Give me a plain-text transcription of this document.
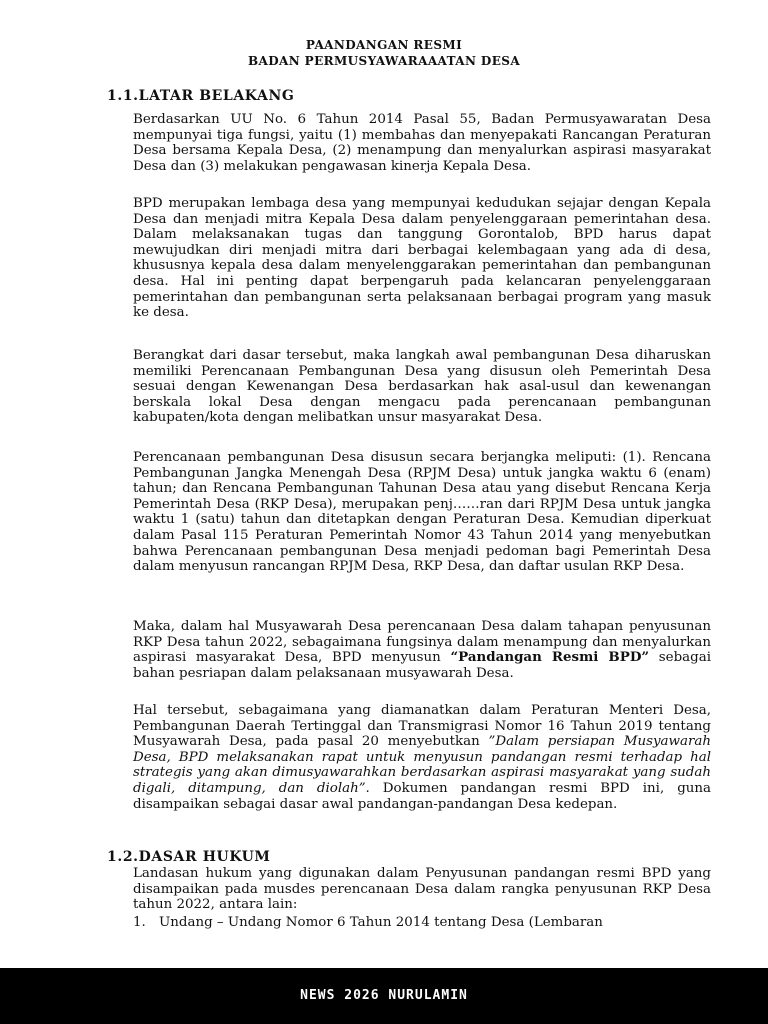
PAANDANGAN RESMI
BADAN PERMUSYAWARAAATAN DESA
1.1.LATAR BELAKANG

Berdasarkan UU No. 6 Tahun 2014 Pasal 55, Badan Permusyawaratan Desa mempunyai tiga fungsi, yaitu (1) membahas dan menyepakati Rancangan Peraturan Desa bersama Kepala Desa, (2) menampung dan menyalurkan aspirasi masyarakat Desa dan (3) melakukan pengawasan kinerja Kepala Desa.

BPD merupakan lembaga desa yang mempunyai kedudukan sejajar dengan Kepala Desa dan menjadi mitra Kepala Desa dalam penyelenggaraan pemerintahan desa. Dalam melaksanakan tugas dan tanggung Gorontalob, BPD harus dapat mewujudkan diri menjadi mitra dari berbagai kelembagaan yang ada di desa, khususnya kepala desa dalam menyelenggarakan pemerintahan dan pembangunan desa. Hal ini penting dapat berpengaruh pada kelancaran penyelenggaraan pemerintahan dan pembangunan serta pelaksanaan berbagai program yang masuk ke desa.

Berangkat dari dasar tersebut, maka langkah awal pembangunan Desa diharuskan memiliki Perencanaan Pembangunan Desa yang disusun oleh Pemerintah Desa sesuai dengan Kewenangan Desa berdasarkan hak asal-usul dan kewenangan berskala lokal Desa dengan mengacu pada perencanaan pembangunan kabupaten/kota dengan melibatkan unsur masyarakat Desa.

Perencanaan pembangunan Desa disusun secara berjangka meliputi: (1). Rencana Pembangunan Jangka Menengah Desa (RPJM Desa) untuk jangka waktu 6 (enam) tahun; dan Rencana Pembangunan Tahunan Desa atau yang disebut Rencana Kerja Pemerintah Desa (RKP Desa), merupakan penj……ran dari RPJM Desa untuk jangka waktu 1 (satu) tahun dan ditetapkan dengan Peraturan Desa. Kemudian diperkuat dalam Pasal 115 Peraturan Pemerintah Nomor 43 Tahun 2014 yang menyebutkan bahwa Perencanaan pembangunan Desa menjadi pedoman bagi Pemerintah Desa dalam menyusun rancangan RPJM Desa, RKP Desa, dan daftar usulan RKP Desa.

Maka, dalam hal Musyawarah Desa perencanaan Desa dalam tahapan penyusunan RKP Desa tahun 2022, sebagaimana fungsinya dalam menampung dan menyalurkan aspirasi masyarakat Desa, BPD menyusun “Pandangan Resmi BPD” sebagai bahan pesriapan dalam pelaksanaan musyawarah Desa.

Hal tersebut, sebagaimana yang diamanatkan dalam Peraturan Menteri Desa, Pembangunan Daerah Tertinggal dan Transmigrasi Nomor 16 Tahun 2019 tentang Musyawarah Desa, pada pasal 20 menyebutkan ”Dalam persiapan Musyawarah Desa, BPD melaksanakan rapat untuk menyusun pandangan resmi terhadap hal strategis yang akan dimusyawarahkan berdasarkan aspirasi masyarakat yang sudah digali, ditampung, dan diolah”. Dokumen pandangan resmi BPD ini, guna disampaikan sebagai dasar awal pandangan-pandangan Desa kedepan.

1.2.DASAR HUKUM

Landasan hukum yang digunakan dalam Penyusunan pandangan resmi BPD yang disampaikan pada musdes perencanaan Desa dalam rangka penyusunan RKP Desa tahun 2022, antara lain:

1. Undang – Undang Nomor 6 Tahun 2014 tentang Desa (Lembaran
NEWS 2026 NURULAMIN
